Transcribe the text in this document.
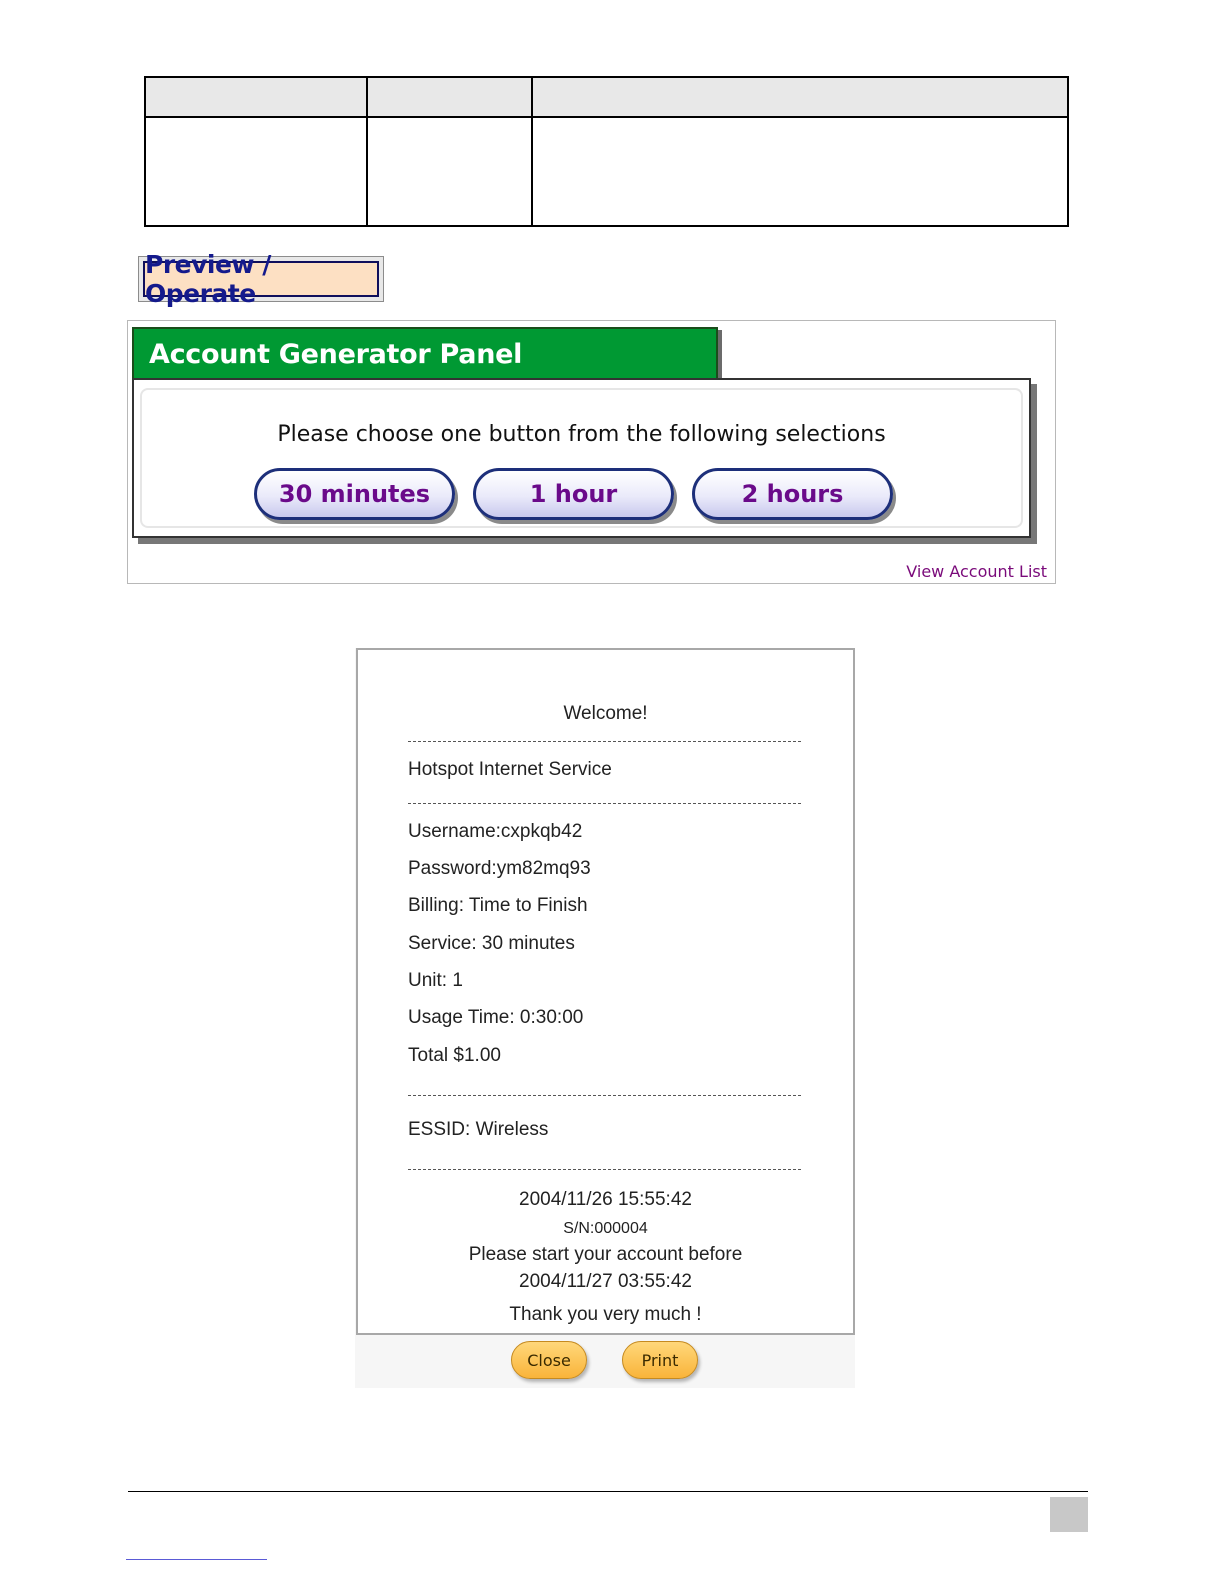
Preview / Operate
Account Generator Panel
Please choose one button from the following selections
30 minutes	1 hour	2 hours
View Account List
Welcome!
Hotspot Internet Service
Username:cxpkqb42
Password:ym82mq93
Billing: Time to Finish
Service: 30 minutes
Unit: 1
Usage Time: 0:30:00
Total $1.00
ESSID: Wireless
2004/11/26 15:55:42
S/N:000004
Please start your account before
2004/11/27 03:55:42
Thank you very much !
Close	Print
